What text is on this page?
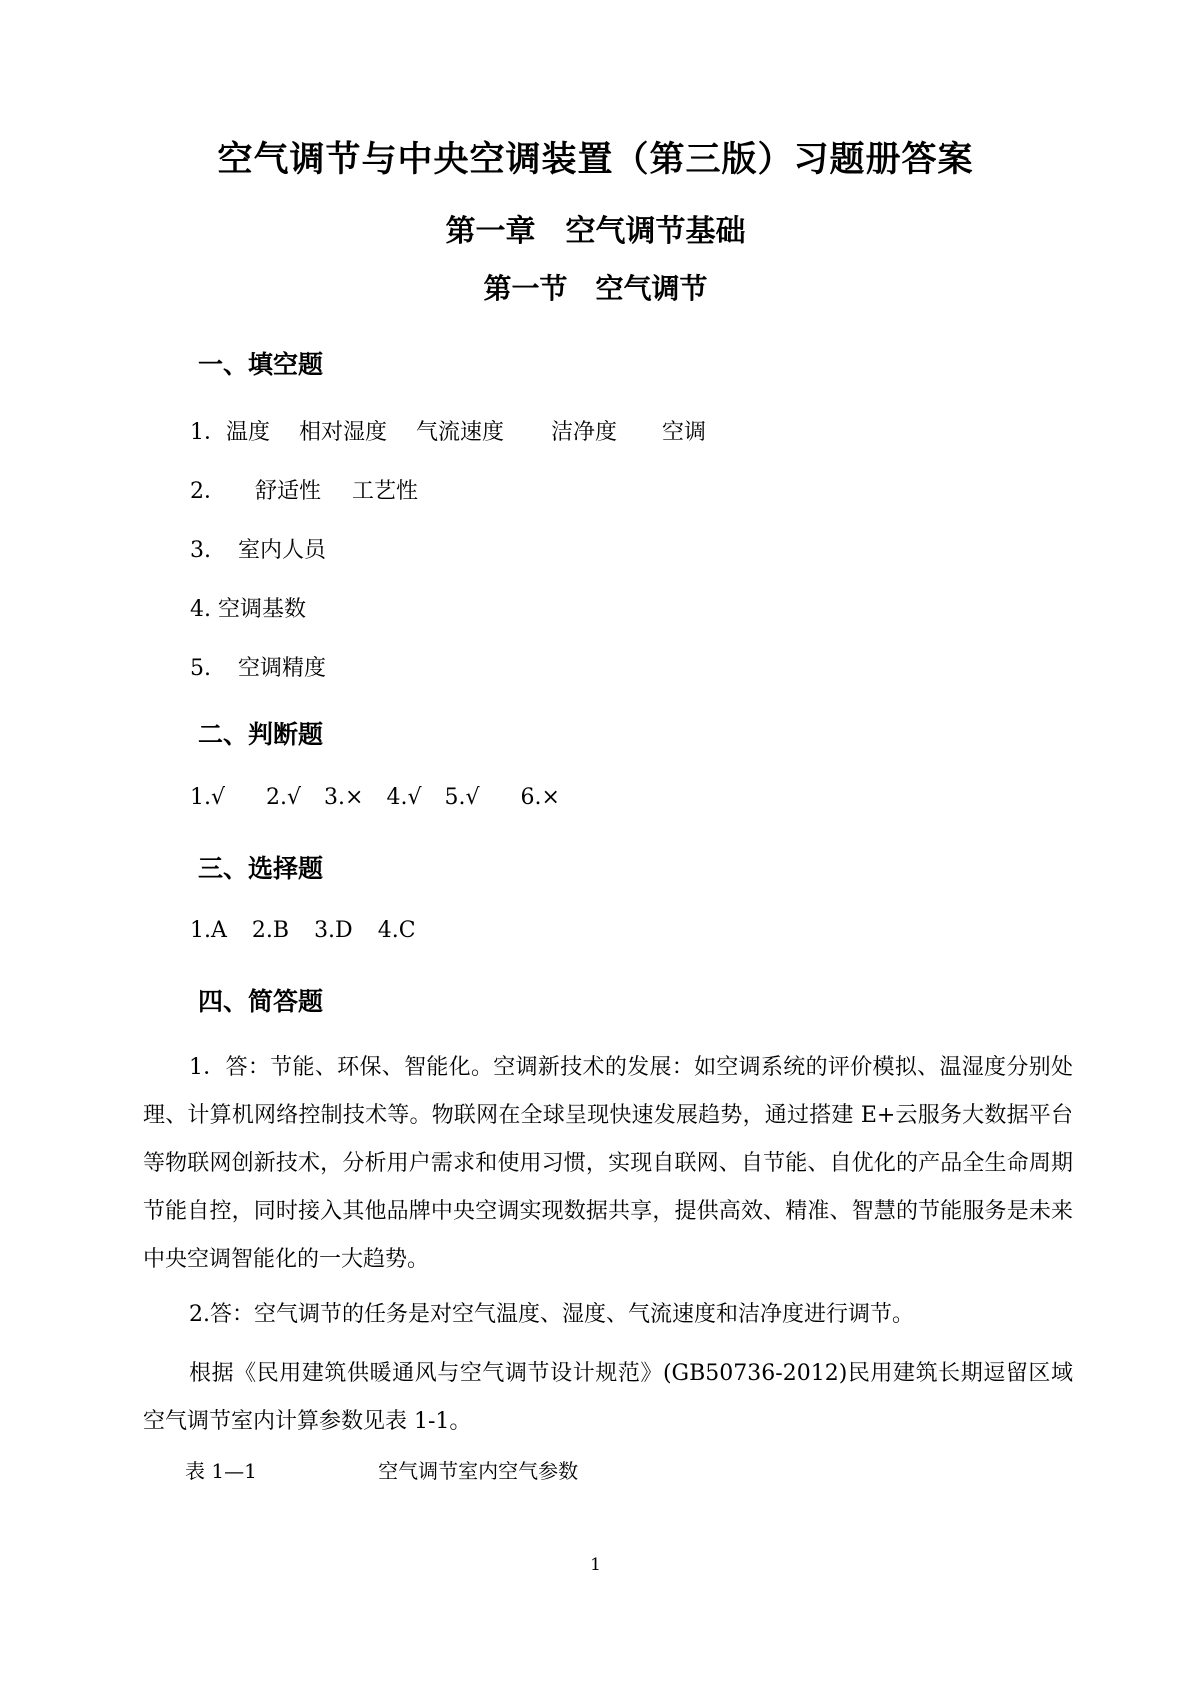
空气调节与中央空调装置（第三版）习题册答案
第一章　空气调节基础
第一节　空气调节
一、填空题
1．温度 相对湿度 气流速度 洁净度 空调
2． 舒适性 工艺性
3. 室内人员
4. 空调基数
5. 空调精度
二、判断题
1.√ 2.√ 3.× 4.√ 5.√ 6.×
三、选择题
1.A 2.B 3.D 4.C
四、简答题
1．答：节能、环保、智能化。空调新技术的发展：如空调系统的评价模拟、温湿度分别处理、计算机网络控制技术等。物联网在全球呈现快速发展趋势，通过搭建 E+云服务大数据平台等物联网创新技术，分析用户需求和使用习惯，实现自联网、自节能、自优化的产品全生命周期节能自控，同时接入其他品牌中央空调实现数据共享，提供高效、精准、智慧的节能服务是未来中央空调智能化的一大趋势。
2.答：空气调节的任务是对空气温度、湿度、气流速度和洁净度进行调节。
根据《民用建筑供暖通风与空气调节设计规范》(GB50736-2012)民用建筑长期逗留区域空气调节室内计算参数见表 1-1。
表 1—1	空气调节室内空气参数
1
